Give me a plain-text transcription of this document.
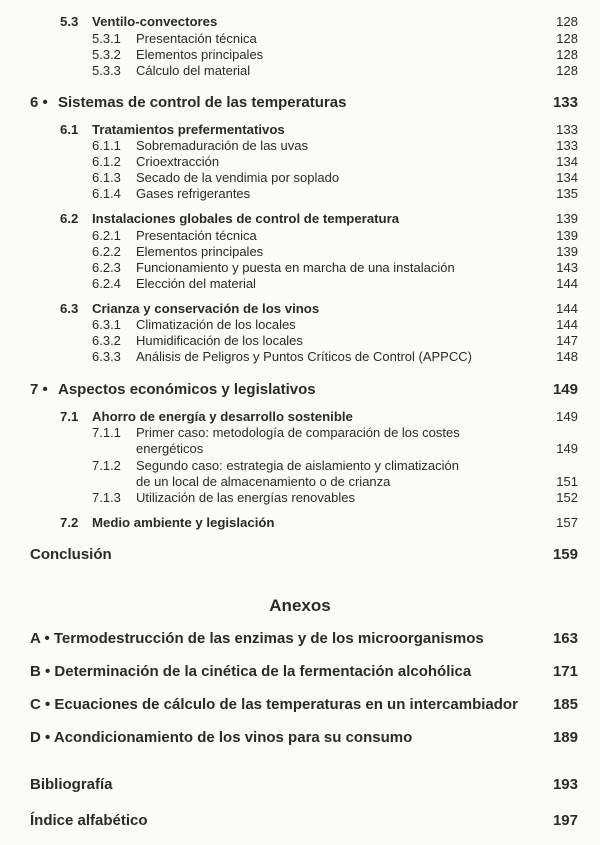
5.3 Ventilo-convectores	128
5.3.1 Presentación técnica	128
5.3.2 Elementos principales	128
5.3.3 Cálculo del material	128
6 • Sistemas de control de las temperaturas	133
6.1 Tratamientos prefermentativos	133
6.1.1 Sobremaduración de las uvas	133
6.1.2 Crioextracción	134
6.1.3 Secado de la vendimia por soplado	134
6.1.4 Gases refrigerantes	135
6.2 Instalaciones globales de control de temperatura	139
6.2.1 Presentación técnica	139
6.2.2 Elementos principales	139
6.2.3 Funcionamiento y puesta en marcha de una instalación	143
6.2.4 Elección del material	144
6.3 Crianza y conservación de los vinos	144
6.3.1 Climatización de los locales	144
6.3.2 Humidificación de los locales	147
6.3.3 Análisis de Peligros y Puntos Críticos de Control (APPCC)	148
7 • Aspectos económicos y legislativos	149
7.1 Ahorro de energía y desarrollo sostenible	149
7.1.1 Primer caso: metodología de comparación de los costes
energéticos	149
7.1.2 Segundo caso: estrategia de aislamiento y climatización
de un local de almacenamiento o de crianza	151
7.1.3 Utilización de las energías renovables	152
7.2 Medio ambiente y legislación	157
Conclusión	159
Anexos
A • Termodestrucción de las enzimas y de los microorganismos	163
B • Determinación de la cinética de la fermentación alcohólica	171
C • Ecuaciones de cálculo de las temperaturas en un intercambiador 185
D • Acondicionamiento de los vinos para su consumo	189
Bibliografía	193
Índice alfabético	197
